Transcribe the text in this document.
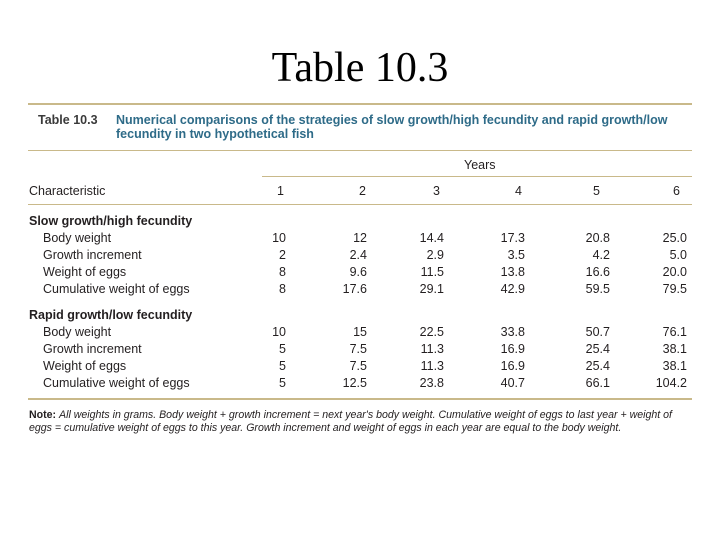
Table 10.3
Table 10.3 Numerical comparisons of the strategies of slow growth/high fecundity and rapid growth/low fecundity in two hypothetical fish
Years
Characteristic	1	2	3	4	5	6
Slow growth/high fecundity
Body weight	10	12	14.4	17.3	20.8	25.0
Growth increment	2	2.4	2.9	3.5	4.2	5.0
Weight of eggs	8	9.6	11.5	13.8	16.6	20.0
Cumulative weight of eggs	8	17.6	29.1	42.9	59.5	79.5
Rapid growth/low fecundity
Body weight	10	15	22.5	33.8	50.7	76.1
Growth increment	5	7.5	11.3	16.9	25.4	38.1
Weight of eggs	5	7.5	11.3	16.9	25.4	38.1
Cumulative weight of eggs	5	12.5	23.8	40.7	66.1	104.2
Note: All weights in grams. Body weight + growth increment = next year's body weight. Cumulative weight of eggs to last year + weight of eggs = cumulative weight of eggs to this year. Growth increment and weight of eggs in each year are equal to the body weight.
